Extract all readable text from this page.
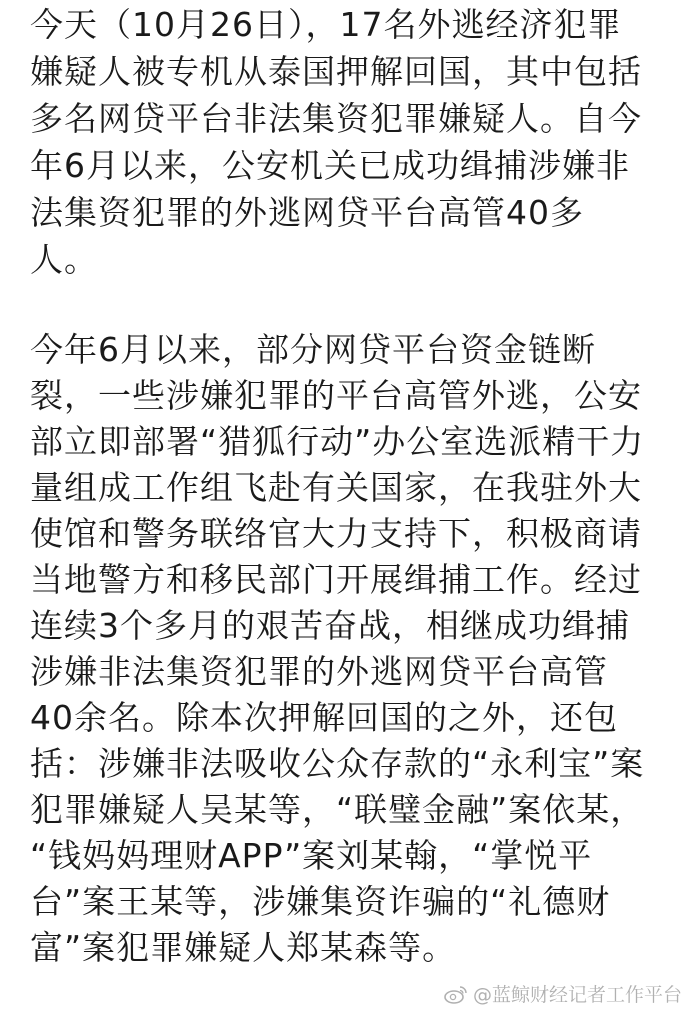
今天（10月26日），17名外逃经济犯罪
嫌疑人被专机从泰国押解回国，其中包括
多名网贷平台非法集资犯罪嫌疑人。自今
年6月以来，公安机关已成功缉捕涉嫌非
法集资犯罪的外逃网贷平台高管40多
人。
今年6月以来，部分网贷平台资金链断
裂，一些涉嫌犯罪的平台高管外逃，公安
部立即部署“猎狐行动”办公室选派精干力
量组成工作组飞赴有关国家，在我驻外大
使馆和警务联络官大力支持下，积极商请
当地警方和移民部门开展缉捕工作。经过
连续3个多月的艰苦奋战，相继成功缉捕
涉嫌非法集资犯罪的外逃网贷平台高管
40余名。除本次押解回国的之外，还包
括：涉嫌非法吸收公众存款的“永利宝”案
犯罪嫌疑人吴某等，“联璧金融”案依某，
“钱妈妈理财APP”案刘某翰，“掌悦平
台”案王某等，涉嫌集资诈骗的“礼德财
富”案犯罪嫌疑人郑某森等。
@蓝鲸财经记者工作平台
